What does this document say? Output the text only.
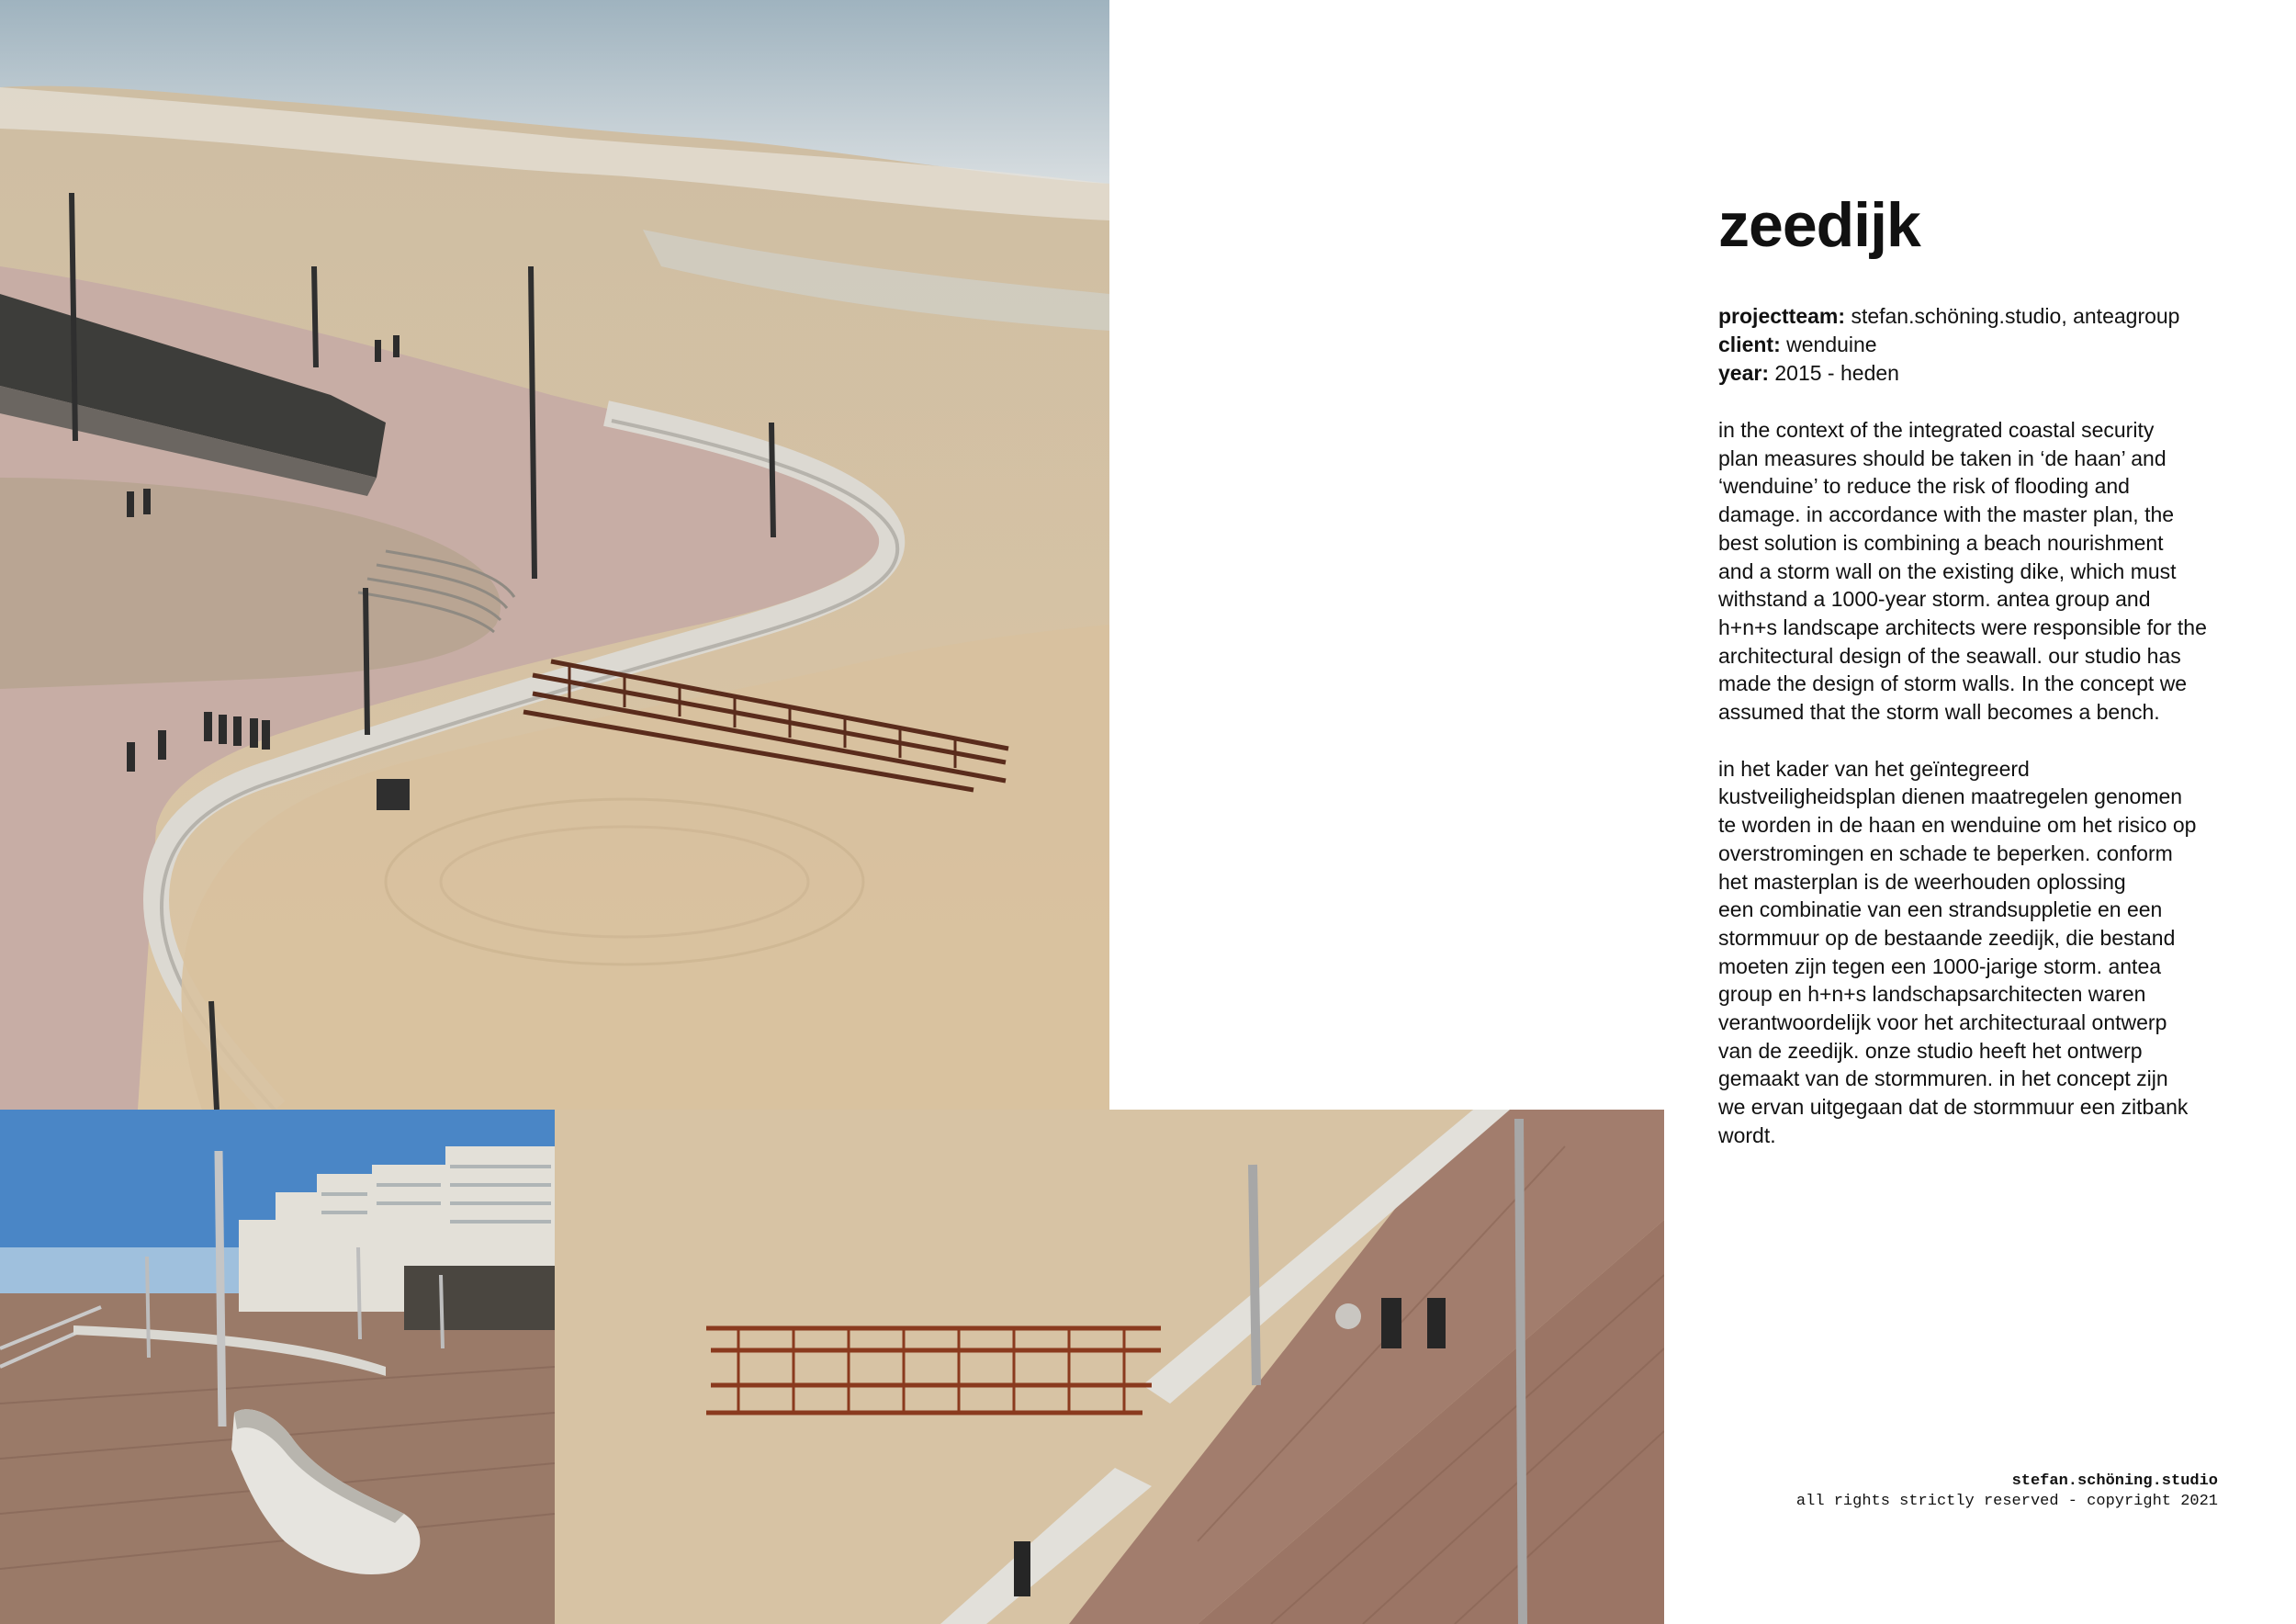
zeedijk
projectteam: stefan.schöning.studio, anteagroup
client: wenduine
year: 2015 - heden

in the context of the integrated coastal security
plan measures should be taken in ‘de haan’ and
‘wenduine’ to reduce the risk of flooding and
damage. in accordance with the master plan, the
best solution is combining a beach nourishment
and a storm wall on the existing dike, which must
withstand a 1000-year storm. antea group and
h+n+s landscape architects were responsible for the
architectural design of the seawall. our studio has
made the design of storm walls. In the concept we
assumed that the storm wall becomes a bench.

in het kader van het geïntegreerd
kustveiligheidsplan dienen maatregelen genomen
te worden in de haan en wenduine om het risico op
overstromingen en schade te beperken. conform
het masterplan is de weerhouden oplossing
een combinatie van een strandsuppletie en een
stormmuur op de bestaande zeedijk, die bestand
moeten zijn tegen een 1000-jarige storm. antea
group en h+n+s landschapsarchitecten waren
verantwoordelijk voor het architecturaal ontwerp
van de zeedijk. onze studio heeft het ontwerp
gemaakt van de stormmuren. in het concept zijn
we ervan uitgegaan dat de stormmuur een zitbank
wordt.

stefan.schöning.studio
all rights strictly reserved - copyright 2021
